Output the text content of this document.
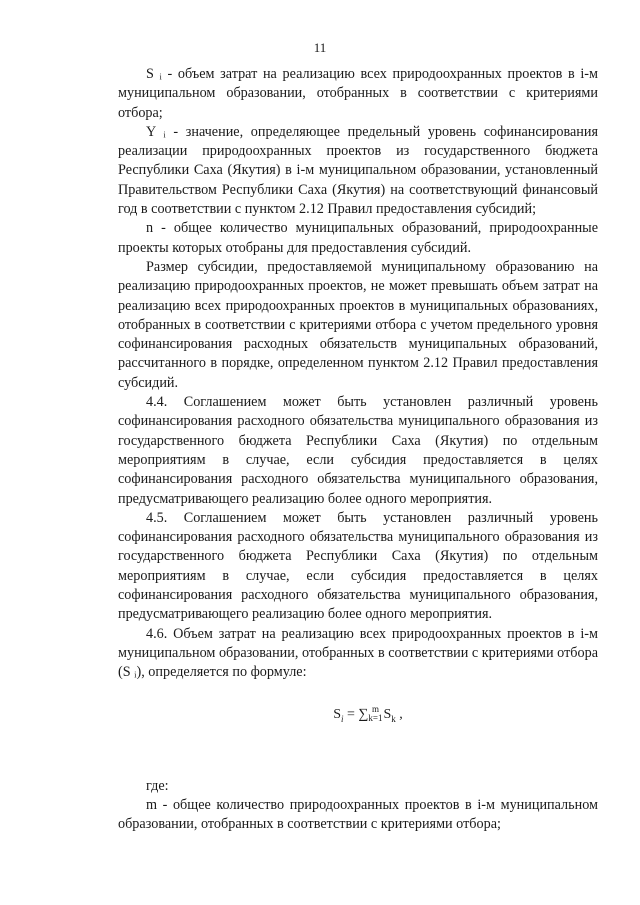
11

S ᵢ - объем затрат на реализацию всех природоохранных проектов в i-м муниципальном образовании, отобранных в соответствии с критериями отбора;

Y ᵢ - значение, определяющее предельный уровень софинансирования реализации природоохранных проектов из государственного бюджета Республики Саха (Якутия) в i-м муниципальном образовании, установленный Правительством Республики Саха (Якутия) на соответствующий финансовый год в соответствии с пунктом 2.12 Правил предоставления субсидий;

n - общее количество муниципальных образований, природоохранные проекты которых отобраны для предоставления субсидий.

Размер субсидии, предоставляемой муниципальному образованию на реализацию природоохранных проектов, не может превышать объем затрат на реализацию всех природоохранных проектов в муниципальных образованиях, отобранных в соответствии с критериями отбора с учетом предельного уровня софинансирования расходных обязательств муниципальных образований, рассчитанного в порядке, определенном пунктом 2.12 Правил предоставления субсидий.

4.4. Соглашением может быть установлен различный уровень софинансирования расходного обязательства муниципального образования из государственного бюджета Республики Саха (Якутия) по отдельным мероприятиям в случае, если субсидия предоставляется в целях софинансирования расходного обязательства муниципального образования, предусматривающего реализацию более одного мероприятия.

4.5. Соглашением может быть установлен различный уровень софинансирования расходного обязательства муниципального образования из государственного бюджета Республики Саха (Якутия) по отдельным мероприятиям в случае, если субсидия предоставляется в целях софинансирования расходного обязательства муниципального образования, предусматривающего реализацию более одного мероприятия.

4.6. Объем затрат на реализацию всех природоохранных проектов в i-м муниципальном образовании, отобранных в соответствии с критериями отбора (S ᵢ), определяется по формуле:

$S_i$ = ∑ m
k=1 $S_k$ ,

где:

m - общее количество природоохранных проектов в i-м муниципальном образовании, отобранных в соответствии с критериями отбора;
